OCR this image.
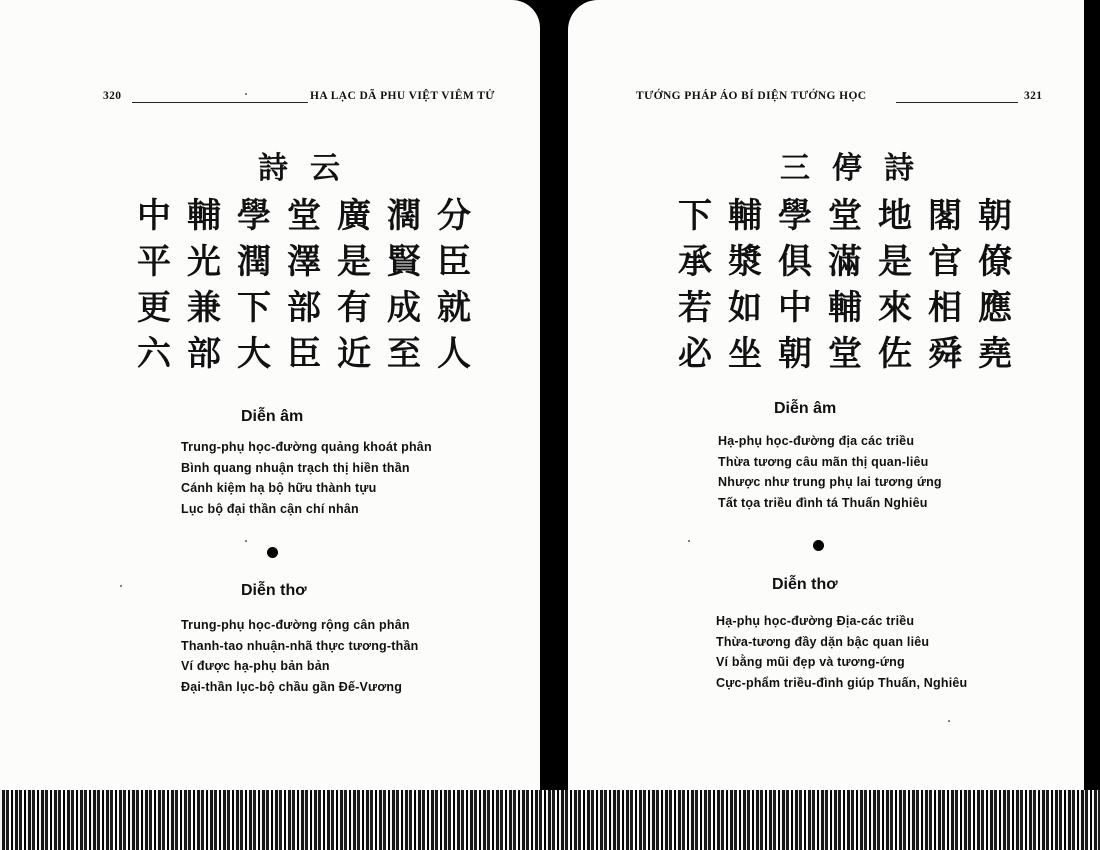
320	HA LẠC DÃ PHU VIỆT VIÊM TỬ
詩云
中輔學堂廣濶分
平光潤澤是賢臣
更兼下部有成就
六部大臣近至人
Diễn âm
Trung-phụ học-đường quảng khoát phân
Bình quang nhuận trạch thị hiền thần
Cánh kiệm hạ bộ hữu thành tựu
Lục bộ đại thần cận chí nhân
Diễn thơ
Trung-phụ học-đường rộng cân phân
Thanh-tao nhuận-nhã thực tương-thần
Ví được hạ-phụ bản bản
Đại-thần lục-bộ chầu gần Đế-Vương
TƯỚNG PHÁP ÁO BÍ DIỆN TƯỚNG HỌC	321
三停詩
下輔學堂地閣朝
承漿俱滿是官僚
若如中輔來相應
必坐朝堂佐舜堯
Diễn âm
Hạ-phụ học-đường địa các triều
Thừa tương câu mãn thị quan-liêu
Nhược như trung phụ lai tương ứng
Tất tọa triều đình tá Thuấn Nghiêu
Diễn thơ
Hạ-phụ học-đường Địa-các triều
Thừa-tương đầy dặn bậc quan liêu
Ví bằng mũi đẹp và tương-ứng
Cực-phẩm triều-đình giúp Thuấn, Nghiêu
